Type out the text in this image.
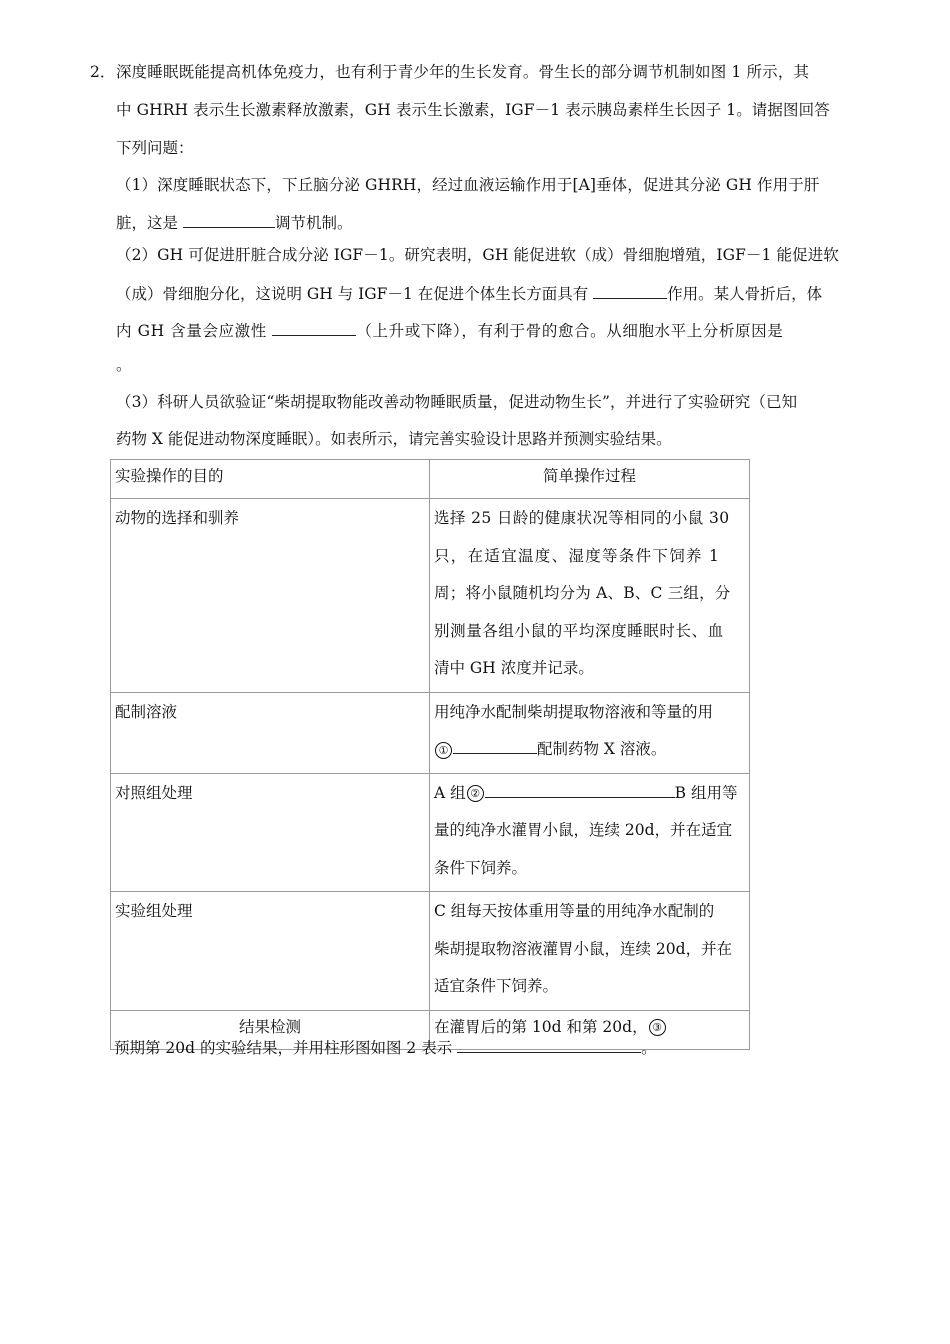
2． 深度睡眠既能提高机体免疫力，也有利于青少年的生长发育。骨生长的部分调节机制如图 1 所示，其
中 GHRH 表示生长激素释放激素，GH 表示生长激素，IGF－1 表示胰岛素样生长因子 1。请据图回答
下列问题：
（1）深度睡眠状态下，下丘脑分泌 GHRH，经过血液运输作用于[A]垂体，促进其分泌 GH 作用于肝
脏，这是	调节机制。
（2）GH 可促进肝脏合成分泌 IGF－1。研究表明，GH 能促进软（成）骨细胞增殖，IGF－1 能促进软
（成）骨细胞分化，这说明 GH 与 IGF－1 在促进个体生长方面具有	作用。某人骨折后，体
内 GH 含量会应激性	（上升或下降），有利于骨的愈合。从细胞水平上分析原因是
。
（3）科研人员欲验证“柴胡提取物能改善动物睡眠质量，促进动物生长”，并进行了实验研究（已知
药物 X 能促进动物深度睡眠）。如表所示，请完善实验设计思路并预测实验结果。
实验操作的目的	简单操作过程
动物的选择和驯养	选择 25 日龄的健康状况等相同的小鼠 30
只，在适宜温度、湿度等条件下饲养 1
周；将小鼠随机均分为 A、B、C 三组，分
别测量各组小鼠的平均深度睡眠时长、血
清中 GH 浓度并记录。

配制溶液	用纯净水配制柴胡提取物溶液和等量的用
① 配制药物 X 溶液。

对照组处理	A 组 ② B 组用等
量的纯净水灌胃小鼠，连续 20d，并在适宜
条件下饲养。

实验组处理	C 组每天按体重用等量的用纯净水配制的
柴胡提取物溶液灌胃小鼠，连续 20d，并在
适宜条件下饲养。

结果检测	在灌胃后的第 10d 和第 20d， ③
预期第 20d 的实验结果，并用柱形图如图 2 表示	。
